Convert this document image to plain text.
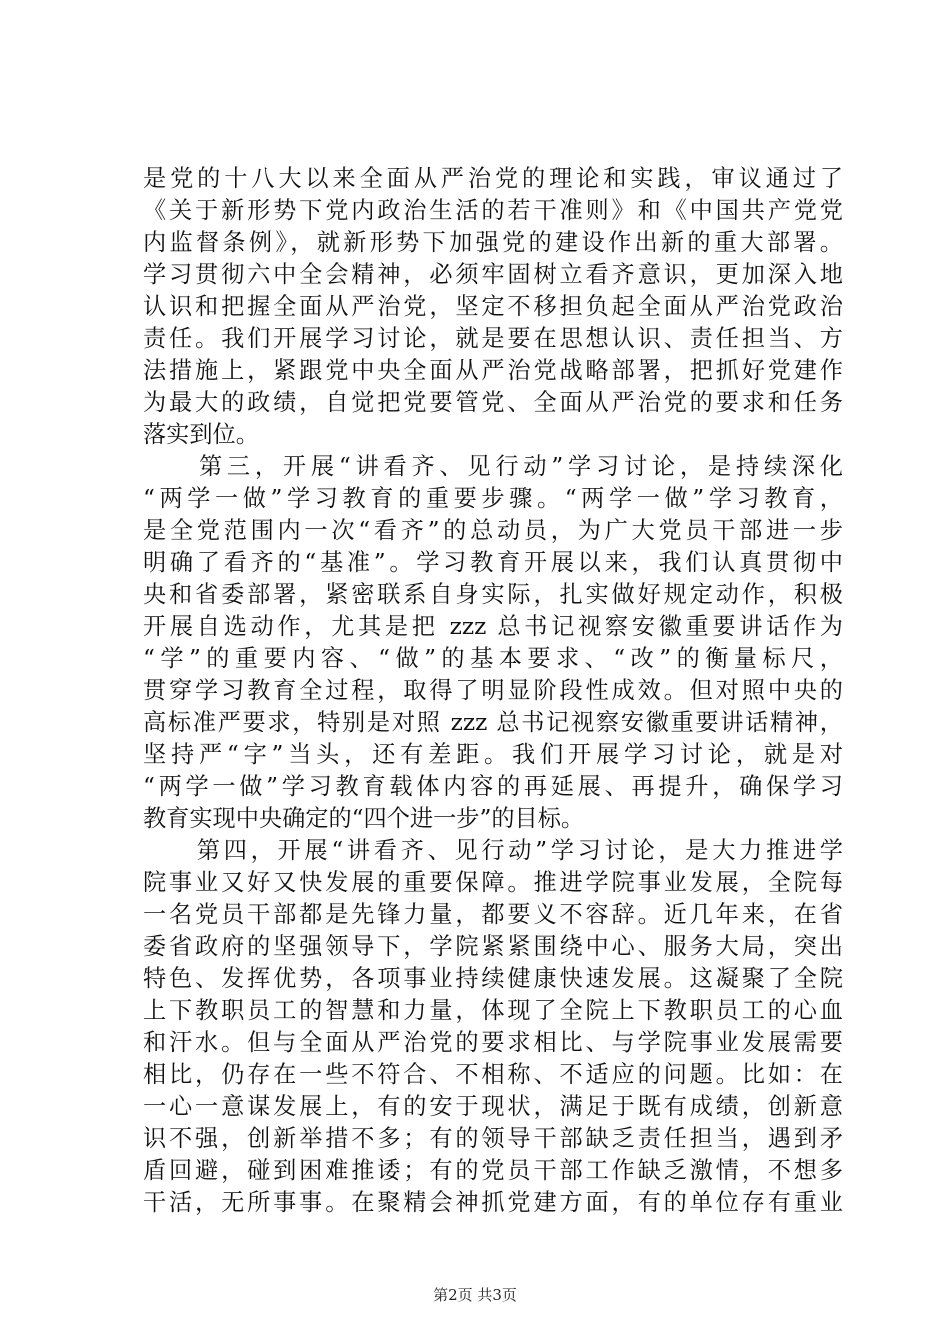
是党的十八大以来全面从严治党的理论和实践，审议通过了
《关于新形势下党内政治生活的若干准则》和《中国共产党党
内监督条例》，就新形势下加强党的建设作出新的重大部署。
学习贯彻六中全会精神，必须牢固树立看齐意识，更加深入地
认识和把握全面从严治党，坚定不移担负起全面从严治党政治
责任。我们开展学习讨论，就是要在思想认识、责任担当、方
法措施上，紧跟党中央全面从严治党战略部署，把抓好党建作
为最大的政绩，自觉把党要管党、全面从严治党的要求和任务
落实到位。
　　第三，开展“讲看齐、见行动”学习讨论，是持续深化
“两学一做”学习教育的重要步骤。“两学一做”学习教育，
是全党范围内一次“看齐”的总动员，为广大党员干部进一步
明确了看齐的“基准”。学习教育开展以来，我们认真贯彻中
央和省委部署，紧密联系自身实际，扎实做好规定动作，积极
开展自选动作，尤其是把 zzz 总书记视察安徽重要讲话作为
“学”的重要内容、“做”的基本要求、“改”的衡量标尺，
贯穿学习教育全过程，取得了明显阶段性成效。但对照中央的
高标准严要求，特别是对照 zzz 总书记视察安徽重要讲话精神，
坚持严“字”当头，还有差距。我们开展学习讨论，就是对
“两学一做”学习教育载体内容的再延展、再提升，确保学习
教育实现中央确定的“四个进一步”的目标。
　　第四，开展“讲看齐、见行动”学习讨论，是大力推进学
院事业又好又快发展的重要保障。推进学院事业发展，全院每
一名党员干部都是先锋力量，都要义不容辞。近几年来，在省
委省政府的坚强领导下，学院紧紧围绕中心、服务大局，突出
特色、发挥优势，各项事业持续健康快速发展。这凝聚了全院
上下教职员工的智慧和力量，体现了全院上下教职员工的心血
和汗水。但与全面从严治党的要求相比、与学院事业发展需要
相比，仍存在一些不符合、不相称、不适应的问题。比如：在
一心一意谋发展上，有的安于现状，满足于既有成绩，创新意
识不强，创新举措不多；有的领导干部缺乏责任担当，遇到矛
盾回避，碰到困难推诿；有的党员干部工作缺乏激情，不想多
干活，无所事事。在聚精会神抓党建方面，有的单位存有重业
第2页 共3页
